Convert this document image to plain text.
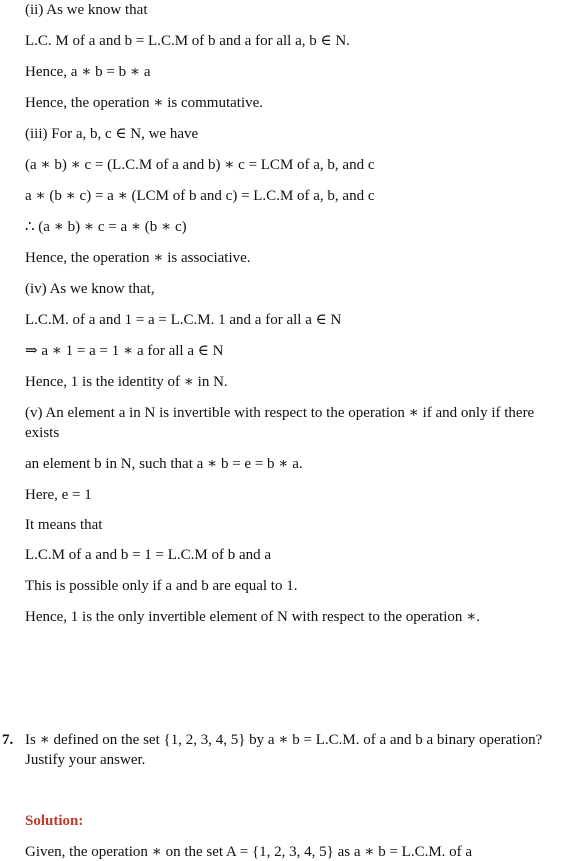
(ii) As we know that
L.C. M of a and b = L.C.M of b and a for all a, b ∈ N.
Hence, a ∗ b = b ∗ a
Hence, the operation ∗ is commutative.
(iii) For a, b, c ∈ N, we have
(a ∗ b) ∗ c = (L.C.M of a and b) ∗ c = LCM of a, b, and c
a ∗ (b ∗ c) = a ∗ (LCM of b and c) = L.C.M of a, b, and c
∴ (a ∗ b) ∗ c = a ∗ (b ∗ c)
Hence, the operation ∗ is associative.
(iv) As we know that,
L.C.M. of a and 1 = a = L.C.M. 1 and a for all a ∈ N
⇒ a ∗ 1 = a = 1 ∗ a for all a ∈ N
Hence, 1 is the identity of ∗ in N.
(v) An element a in N is invertible with respect to the operation ∗ if and only if there
exists
an element b in N, such that a ∗ b = e = b ∗ a.
Here, e = 1
It means that
L.C.M of a and b = 1 = L.C.M of b and a
This is possible only if a and b are equal to 1.
Hence, 1 is the only invertible element of N with respect to the operation ∗.
7. Is ∗ defined on the set {1, 2, 3, 4, 5} by a ∗ b = L.C.M. of a and b a binary operation?
Justify your answer.
Solution:
Given, the operation ∗ on the set A = {1, 2, 3, 4, 5} as a ∗ b = L.C.M. of a
